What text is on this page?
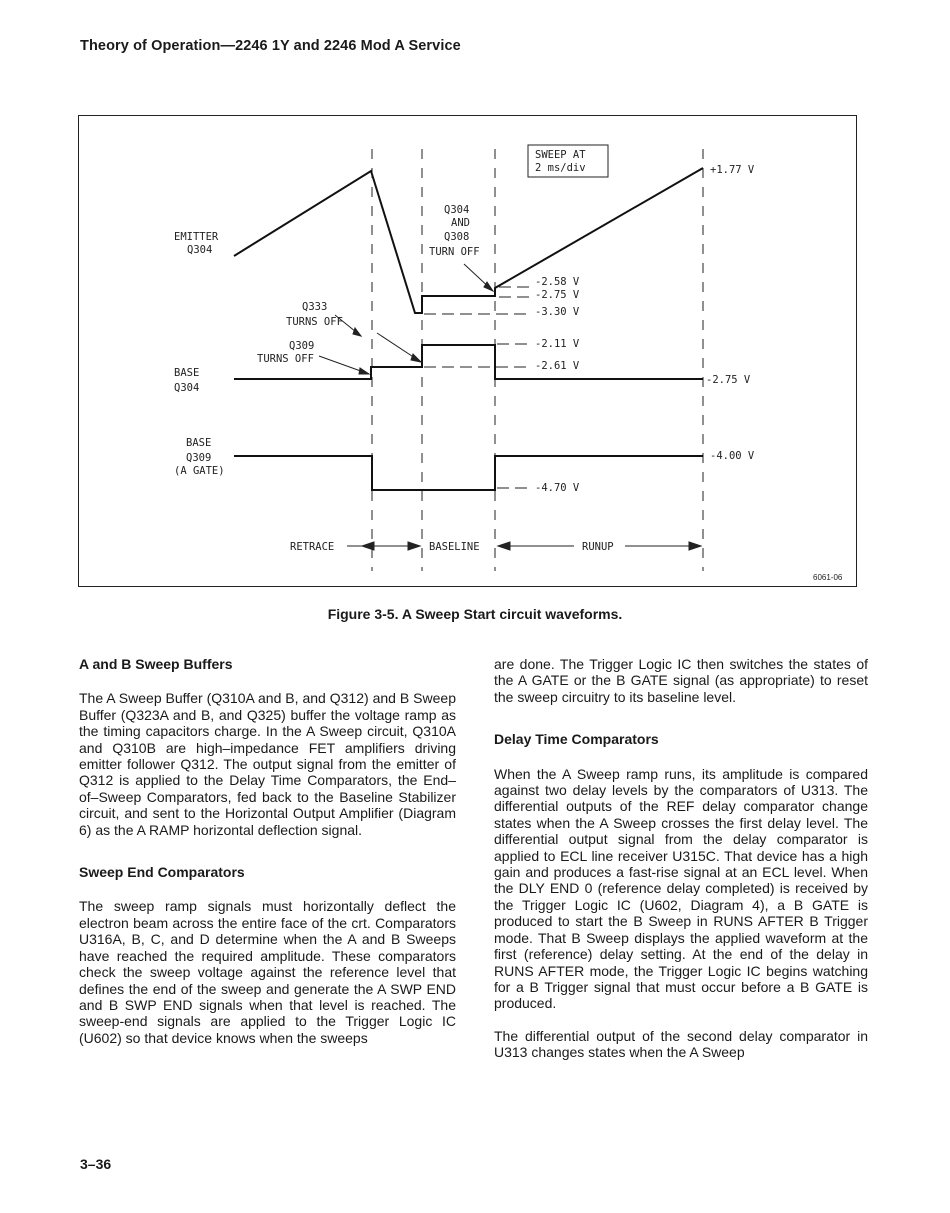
Theory of Operation—2246 1Y and 2246 Mod A Service
SWEEP AT
2 ms/div
EMITTER
Q304
Q333
TURNS OFF
Q309
TURNS OFF
BASE
Q304
BASE
Q309
(A GATE)
Q304
AND
Q308
TURN OFF
+1.77 V
-2.58 V
-2.75 V
-3.30 V
-2.11 V
-2.61 V
-2.75 V
-4.00 V
-4.70 V
RETRACE	BASELINE	RUNUP
6061-06
Figure 3-5. A Sweep Start circuit waveforms.
A and B Sweep Buffers

The A Sweep Buffer (Q310A and B, and Q312) and B Sweep Buffer (Q323A and B, and Q325) buffer the voltage ramp as the timing capacitors charge. In the A Sweep circuit, Q310A and Q310B are high–impedance FET amplifiers driving emitter follower Q312. The output signal from the emitter of Q312 is applied to the Delay Time Comparators, the End–of–Sweep Comparators, fed back to the Baseline Stabilizer circuit, and sent to the Horizontal Output Amplifier (Diagram 6) as the A RAMP horizontal deflection signal.

Sweep End Comparators

The sweep ramp signals must horizontally deflect the electron beam across the entire face of the crt. Comparators U316A, B, C, and D determine when the A and B Sweeps have reached the required amplitude. These comparators check the sweep voltage against the reference level that defines the end of the sweep and generate the A SWP END and B SWP END signals when that level is reached. The sweep-end signals are applied to the Trigger Logic IC (U602) so that device knows when the sweeps

are done. The Trigger Logic IC then switches the states of the A GATE or the B GATE signal (as appropriate) to reset the sweep circuitry to its baseline level.

Delay Time Comparators

When the A Sweep ramp runs, its amplitude is compared against two delay levels by the comparators of U313. The differential outputs of the REF delay comparator change states when the A Sweep crosses the first delay level. The differential output signal from the delay comparator is applied to ECL line receiver U315C. That device has a high gain and produces a fast-rise signal at an ECL level. When the DLY END 0 (reference delay completed) is received by the Trigger Logic IC (U602, Diagram 4), a B GATE is produced to start the B Sweep in RUNS AFTER B Trigger mode. That B Sweep displays the applied waveform at the first (reference) delay setting. At the end of the delay in RUNS AFTER mode, the Trigger Logic IC begins watching for a B Trigger signal that must occur before a B GATE is produced.

The differential output of the second delay comparator in U313 changes states when the A Sweep

3–36
